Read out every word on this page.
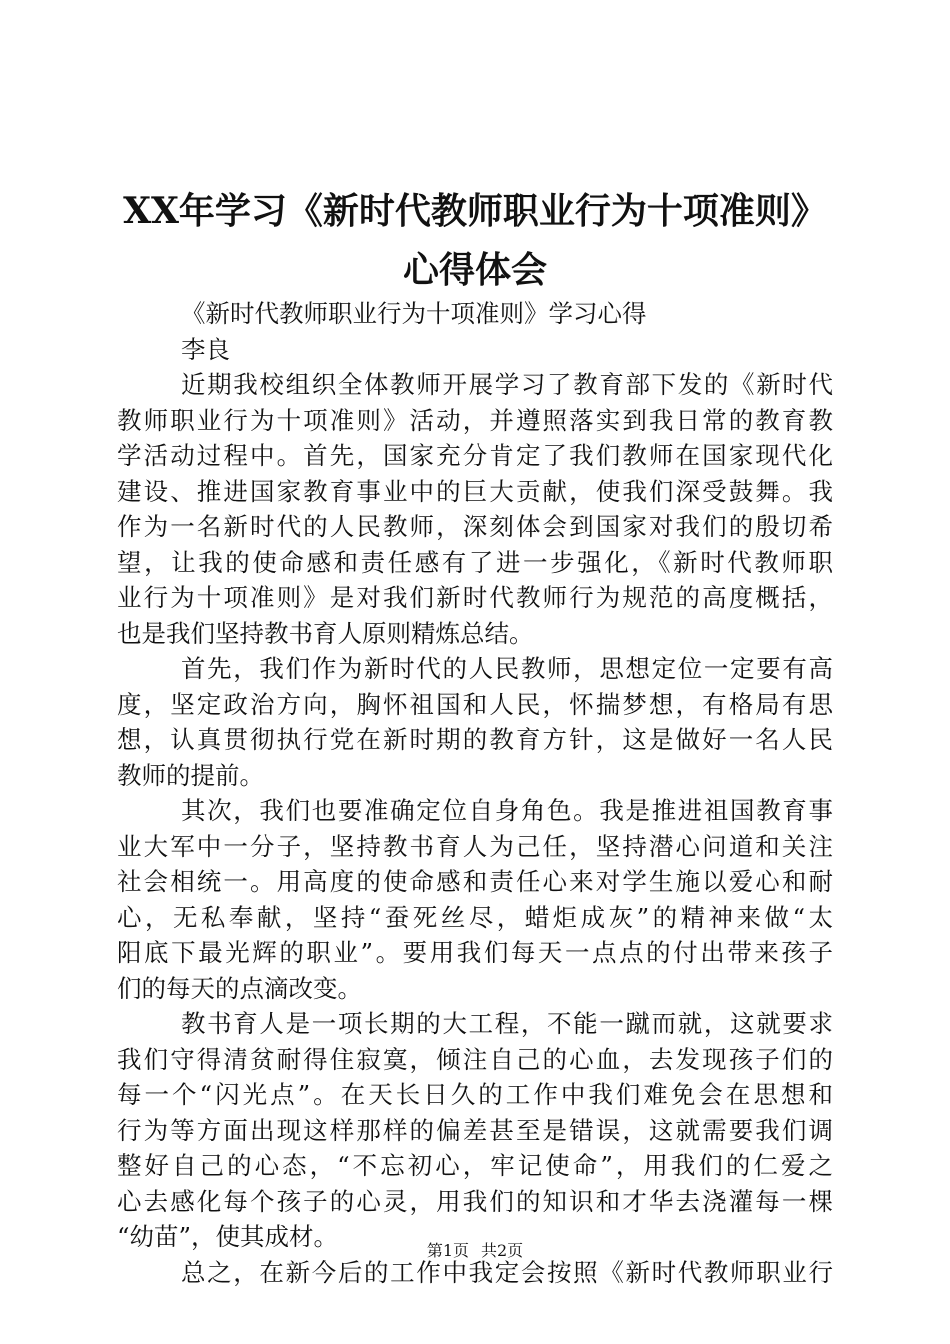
XX年学习《新时代教师职业行为十项准则》
心得体会
《新时代教师职业行为十项准则》学习心得
李良
近期我校组织全体教师开展学习了教育部下发的《新时代
教师职业行为十项准则》活动，并遵照落实到我日常的教育教
学活动过程中。首先，国家充分肯定了我们教师在国家现代化
建设、推进国家教育事业中的巨大贡献，使我们深受鼓舞。我
作为一名新时代的人民教师，深刻体会到国家对我们的殷切希
望，让我的使命感和责任感有了进一步强化，《新时代教师职
业行为十项准则》是对我们新时代教师行为规范的高度概括，
也是我们坚持教书育人原则精炼总结。
首先，我们作为新时代的人民教师，思想定位一定要有高
度，坚定政治方向，胸怀祖国和人民，怀揣梦想，有格局有思
想，认真贯彻执行党在新时期的教育方针，这是做好一名人民
教师的提前。
其次，我们也要准确定位自身角色。我是推进祖国教育事
业大军中一分子，坚持教书育人为己任，坚持潜心问道和关注
社会相统一。用高度的使命感和责任心来对学生施以爱心和耐
心，无私奉献，坚持“蚕死丝尽，蜡炬成灰”的精神来做“太
阳底下最光辉的职业”。要用我们每天一点点的付出带来孩子
们的每天的点滴改变。
教书育人是一项长期的大工程，不能一蹴而就，这就要求
我们守得清贫耐得住寂寞，倾注自己的心血，去发现孩子们的
每一个“闪光点”。在天长日久的工作中我们难免会在思想和
行为等方面出现这样那样的偏差甚至是错误，这就需要我们调
整好自己的心态，“不忘初心，牢记使命”，用我们的仁爱之
心去感化每个孩子的心灵，用我们的知识和才华去浇灌每一棵
“幼苗”，使其成材。
总之，在新今后的工作中我定会按照《新时代教师职业行
第1页 共2页
